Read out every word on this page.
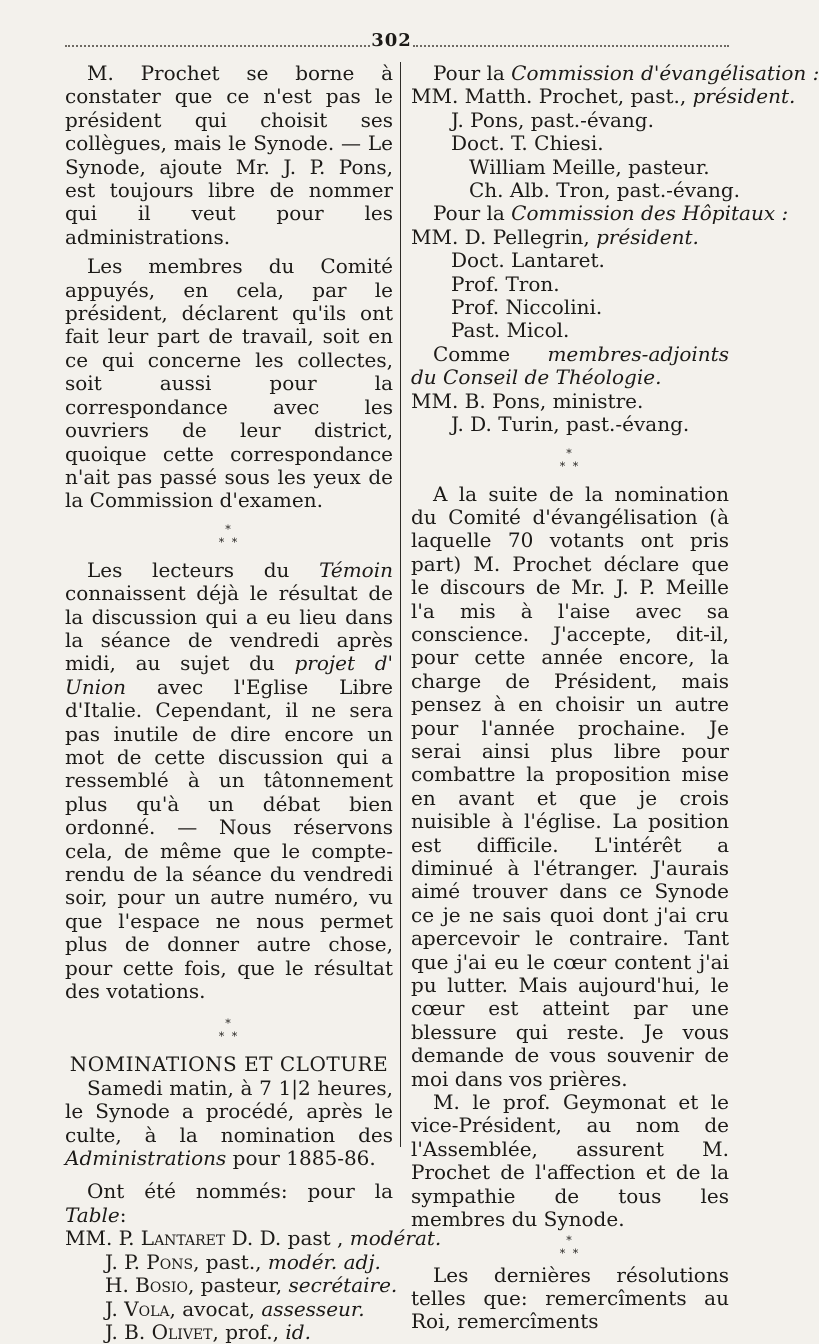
302

M. Prochet se borne à constater que ce n'est pas le président qui choisit ses collègues, mais le Synode. — Le Synode, ajoute Mr. J. P. Pons, est toujours libre de nommer qui il veut pour les administrations.

Les membres du Comité appuyés, en cela, par le président, déclarent qu'ils ont fait leur part de travail, soit en ce qui concerne les collectes, soit aussi pour la correspondance avec les ouvriers de leur district, quoique cette correspondance n'ait pas passé sous les yeux de la Commission d'examen.

*
* *

Les lecteurs du Témoin connaissent déjà le résultat de la discussion qui a eu lieu dans la séance de vendredi après midi, au sujet du projet d' Union avec l'Eglise Libre d'Italie. Cependant, il ne sera pas inutile de dire encore un mot de cette discussion qui a ressemblé à un tâtonnement plus qu'à un débat bien ordonné. — Nous réservons cela, de même que le compte-rendu de la séance du vendredi soir, pour un autre numéro, vu que l'espace ne nous permet plus de donner autre chose, pour cette fois, que le résultat des votations.

*
* *
NOMINATIONS ET CLOTURE

Samedi matin, à 7 1|2 heures, le Synode a procédé, après le culte, à la nomination des Administrations pour 1885-86.

Ont été nommés: pour la Table:

MM. P. Lantaret D. D. past , modérat.
J. P. Pons, past., modér. adj.
H. Bosio, pasteur, secrétaire.
J. Vola, avocat, assesseur.
J. B. Olivet, prof., id.
Pour la Commission d'évangélisation :
MM. Matth. Prochet, past., président.
J. Pons, past.-évang.
Doct. T. Chiesi.
William Meille, pasteur.
Ch. Alb. Tron, past.-évang.
Pour la Commission des Hôpitaux :
MM. D. Pellegrin, président.
Doct. Lantaret.
Prof. Tron.
Prof. Niccolini.
Past. Micol.

Comme membres-adjoints du Conseil de Théologie.

MM. B. Pons, ministre.
J. D. Turin, past.-évang.
*
* *

A la suite de la nomination du Comité d'évangélisation (à laquelle 70 votants ont pris part) M. Prochet déclare que le discours de Mr. J. P. Meille l'a mis à l'aise avec sa conscience. J'accepte, dit-il, pour cette année encore, la charge de Président, mais pensez à en choisir un autre pour l'année prochaine. Je serai ainsi plus libre pour combattre la proposition mise en avant et que je crois nuisible à l'église. La position est difficile. L'intérêt a diminué à l'étranger. J'aurais aimé trouver dans ce Synode ce je ne sais quoi dont j'ai cru apercevoir le contraire. Tant que j'ai eu le cœur content j'ai pu lutter. Mais aujourd'hui, le cœur est atteint par une blessure qui reste. Je vous demande de vous souvenir de moi dans vos prières.

M. le prof. Geymonat et le vice-Président, au nom de l'Assemblée, assurent M. Prochet de l'affection et de la sympathie de tous les membres du Synode.

*
* *

Les dernières résolutions telles que: remercîments au Roi, remercîments
